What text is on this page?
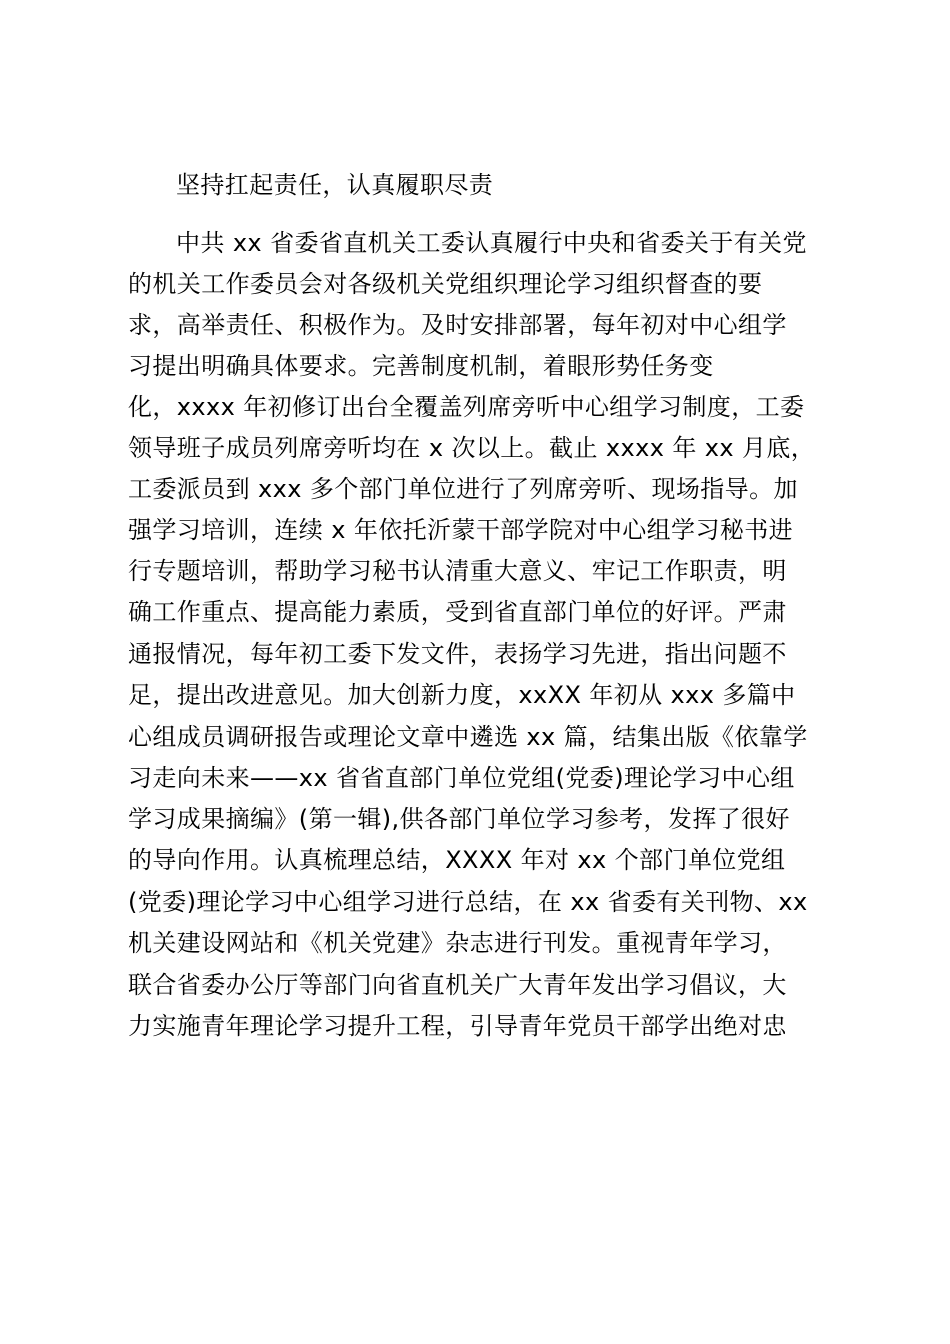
坚持扛起责任，认真履职尽责
中共 xx 省委省直机关工委认真履行中央和省委关于有关党
的机关工作委员会对各级机关党组织理论学习组织督查的要
求，高举责任、积极作为。及时安排部署，每年初对中心组学
习提出明确具体要求。完善制度机制，着眼形势任务变
化，xxxx 年初修订出台全覆盖列席旁听中心组学习制度，工委
领导班子成员列席旁听均在 x 次以上。截止 xxxx 年 xx 月底，
工委派员到 xxx 多个部门单位进行了列席旁听、现场指导。加
强学习培训，连续 x 年依托沂蒙干部学院对中心组学习秘书进
行专题培训，帮助学习秘书认清重大意义、牢记工作职责，明
确工作重点、提高能力素质，受到省直部门单位的好评。严肃
通报情况，每年初工委下发文件，表扬学习先进，指出问题不
足，提出改进意见。加大创新力度，xxXX 年初从 xxx 多篇中
心组成员调研报告或理论文章中遴选 xx 篇，结集出版《依靠学
习走向未来——xx 省省直部门单位党组(党委)理论学习中心组
学习成果摘编》(第一辑),供各部门单位学习参考，发挥了很好
的导向作用。认真梳理总结，XXXX 年对 xx 个部门单位党组
(党委)理论学习中心组学习进行总结，在 xx 省委有关刊物、xx
机关建设网站和《机关党建》杂志进行刊发。重视青年学习，
联合省委办公厅等部门向省直机关广大青年发出学习倡议，大
力实施青年理论学习提升工程，引导青年党员干部学出绝对忠
